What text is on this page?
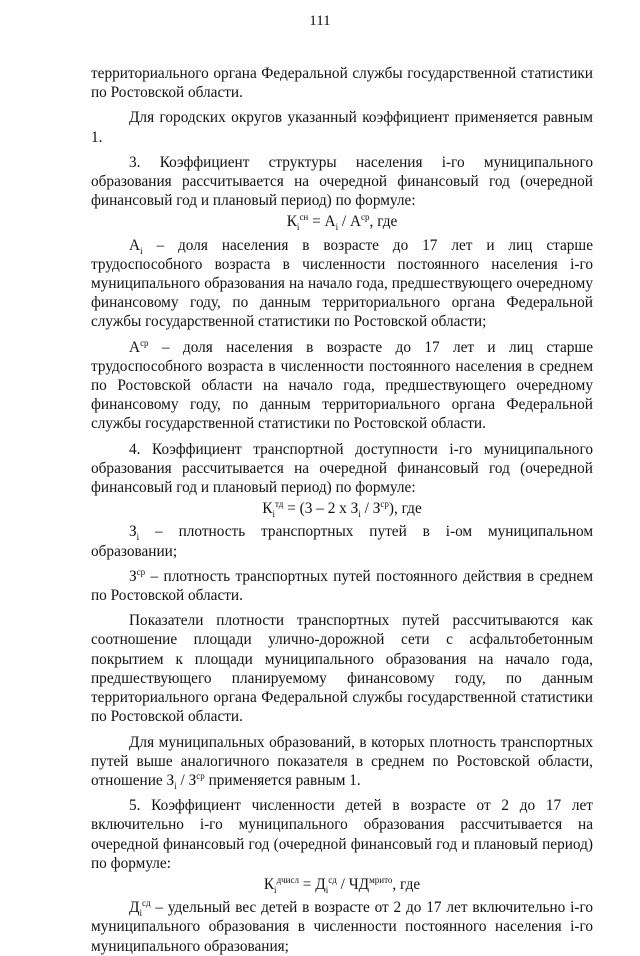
111

территориального органа Федеральной службы государственной статистики по Ростовской области.

Для городских округов указанный коэффициент применяется равным 1.

3. Коэффициент структуры населения i-го муниципального образования рассчитывается на очередной финансовый год (очередной финансовый год и плановый период) по формуле:

$К_i^{сн} = А_i / А^{ср}$, где

$А_i$ – доля населения в возрасте до 17 лет и лиц старше трудоспособного возраста в численности постоянного населения i-го муниципального образования на начало года, предшествующего очередному финансовому году, по данным территориального органа Федеральной службы государственной статистики по Ростовской области;

$А^{ср}$ – доля населения в возрасте до 17 лет и лиц старше трудоспособного возраста в численности постоянного населения в среднем по Ростовской области на начало года, предшествующего очередному финансовому году, по данным территориального органа Федеральной службы государственной статистики по Ростовской области.

4. Коэффициент транспортной доступности i-го муниципального образования рассчитывается на очередной финансовый год (очередной финансовый год и плановый период) по формуле:

$К_i^{тд} = (3 - 2$ х $З_i / З^{ср}$), где

$З_i$ – плотность транспортных путей в i-ом муниципальном образовании;

$З^{ср}$ – плотность транспортных путей постоянного действия в среднем по Ростовской области.

Показатели плотности транспортных путей рассчитываются как соотношение площади улично-дорожной сети с асфальтобетонным покрытием к площади муниципального образования на начало года, предшествующего планируемому финансовому году, по данным территориального органа Федеральной службы государственной статистики по Ростовской области.

Для муниципальных образований, в которых плотность транспортных путей выше аналогичного показателя в среднем по Ростовской области, отношение $З_i / З^{ср}$ применяется равным 1.

5. Коэффициент численности детей в возрасте от 2 до 17 лет включительно i-го муниципального образования рассчитывается на очередной финансовый год (очередной финансовый год и плановый период) по формуле:

$К_i^{дчисл} = Д_i^{сд} / ЧД^{мрито}$, где

$Д_i^{сд}$ – удельный вес детей в возрасте от 2 до 17 лет включительно i-го муниципального образования в численности постоянного населения i-го муниципального образования;
